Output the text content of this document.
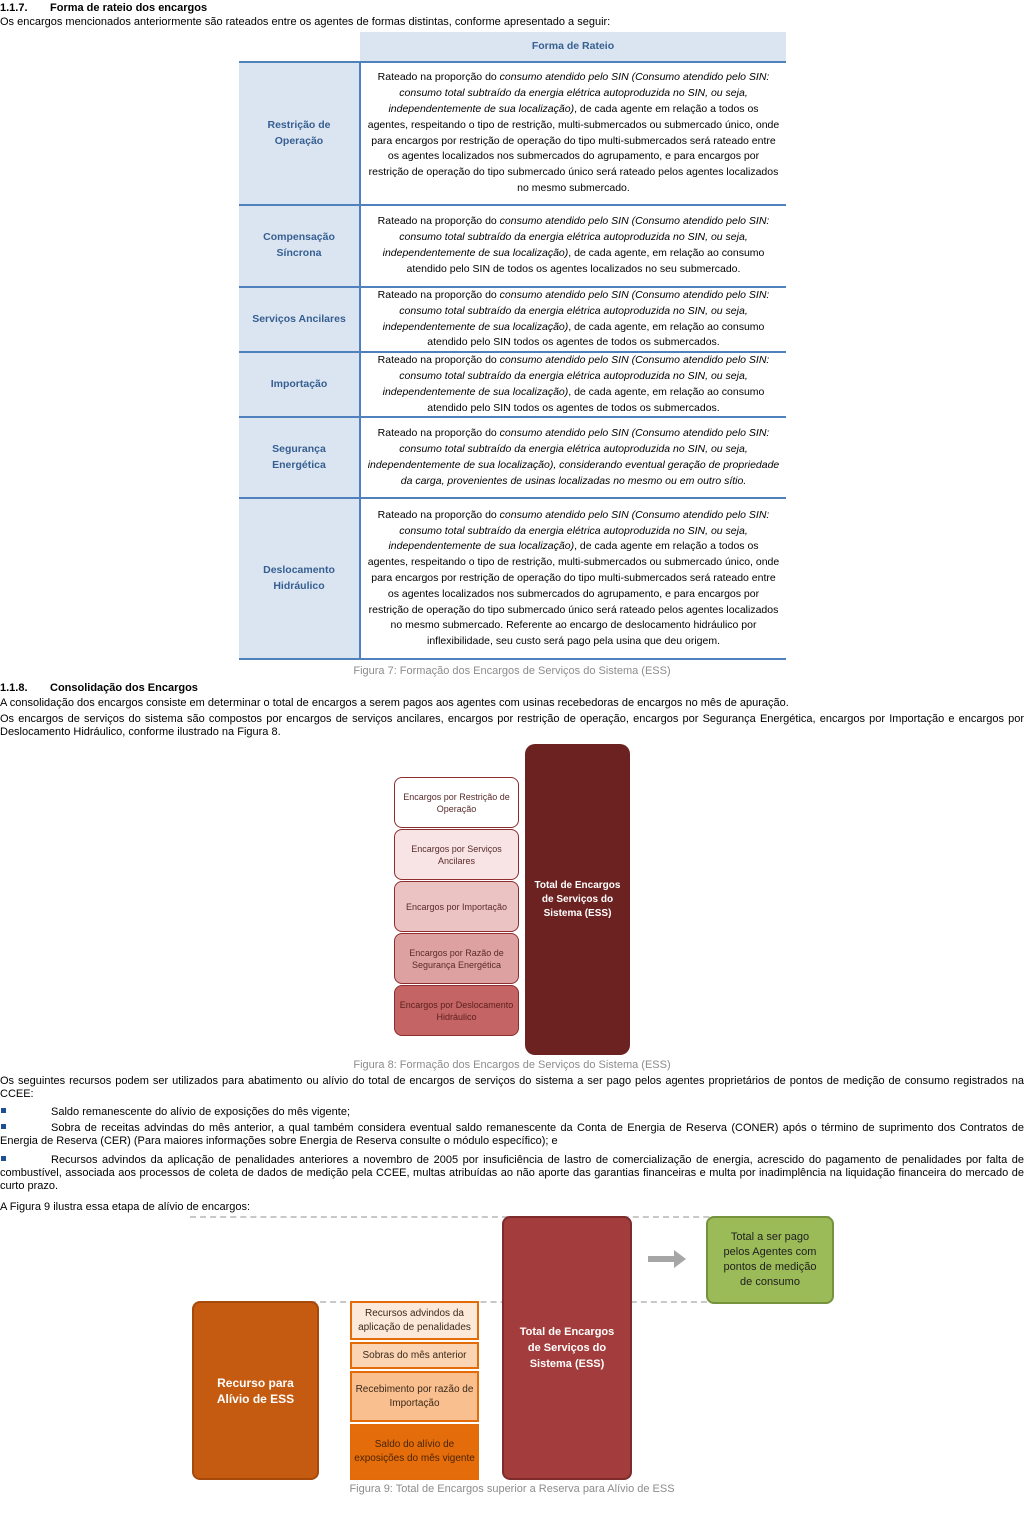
1.1.7. Forma de rateio dos encargos
Os encargos mencionados anteriormente são rateados entre os agentes de formas distintas, conforme apresentado a seguir:
	Forma de Rateio
Restrição de Operação	Rateado na proporção do consumo atendido pelo SIN (Consumo atendido pelo SIN: consumo total subtraído da energia elétrica autoproduzida no SIN, ou seja, independentemente de sua localização), de cada agente em relação a todos os agentes, respeitando o tipo de restrição, multi-submercados ou submercado único, onde para encargos por restrição de operação do tipo multi-submercados será rateado entre os agentes localizados nos submercados do agrupamento, e para encargos por restrição de operação do tipo submercado único será rateado pelos agentes localizados no mesmo submercado.
Compensação Síncrona	Rateado na proporção do consumo atendido pelo SIN (Consumo atendido pelo SIN: consumo total subtraído da energia elétrica autoproduzida no SIN, ou seja, independentemente de sua localização), de cada agente, em relação ao consumo atendido pelo SIN de todos os agentes localizados no seu submercado.
Serviços Ancilares	Rateado na proporção do consumo atendido pelo SIN (Consumo atendido pelo SIN: consumo total subtraído da energia elétrica autoproduzida no SIN, ou seja, independentemente de sua localização), de cada agente, em relação ao consumo atendido pelo SIN todos os agentes de todos os submercados.
Importação	Rateado na proporção do consumo atendido pelo SIN (Consumo atendido pelo SIN: consumo total subtraído da energia elétrica autoproduzida no SIN, ou seja, independentemente de sua localização), de cada agente, em relação ao consumo atendido pelo SIN todos os agentes de todos os submercados.
Segurança Energética	Rateado na proporção do consumo atendido pelo SIN (Consumo atendido pelo SIN: consumo total subtraído da energia elétrica autoproduzida no SIN, ou seja, independentemente de sua localização), considerando eventual geração de propriedade da carga, provenientes de usinas localizadas no mesmo ou em outro sítio.
Deslocamento Hidráulico	Rateado na proporção do consumo atendido pelo SIN (Consumo atendido pelo SIN: consumo total subtraído da energia elétrica autoproduzida no SIN, ou seja, independentemente de sua localização), de cada agente em relação a todos os agentes, respeitando o tipo de restrição, multi-submercados ou submercado único, onde para encargos por restrição de operação do tipo multi-submercados será rateado entre os agentes localizados nos submercados do agrupamento, e para encargos por restrição de operação do tipo submercado único será rateado pelos agentes localizados no mesmo submercado. Referente ao encargo de deslocamento hidráulico por inflexibilidade, seu custo será pago pela usina que deu origem.
Figura 7: Formação dos Encargos de Serviços do Sistema (ESS)
1.1.8. Consolidação dos Encargos
A consolidação dos encargos consiste em determinar o total de encargos a serem pagos aos agentes com usinas recebedoras de encargos no mês de apuração.
Os encargos de serviços do sistema são compostos por encargos de serviços ancilares, encargos por restrição de operação, encargos por Segurança Energética, encargos por Importação e encargos por Deslocamento Hidráulico, conforme ilustrado na Figura 8.
Encargos por Restrição de Operação
Encargos por Serviços Ancilares
Encargos por Importação
Encargos por Razão de Segurança Energética
Encargos por Deslocamento Hidráulico
Total de Encargos de Serviços do Sistema (ESS)
Figura 8: Formação dos Encargos de Serviços do Sistema (ESS)
Os seguintes recursos podem ser utilizados para abatimento ou alívio do total de encargos de serviços do sistema a ser pago pelos agentes proprietários de pontos de medição de consumo registrados na CCEE:
Saldo remanescente do alívio de exposições do mês vigente;
Sobra de receitas advindas do mês anterior, a qual também considera eventual saldo remanescente da Conta de Energia de Reserva (CONER) após o término de suprimento dos Contratos de Energia de Reserva (CER) (Para maiores informações sobre Energia de Reserva consulte o módulo específico); e
Recursos advindos da aplicação de penalidades anteriores a novembro de 2005 por insuficiência de lastro de comercialização de energia, acrescido do pagamento de penalidades por falta de combustível, associada aos processos de coleta de dados de medição pela CCEE, multas atribuídas ao não aporte das garantias financeiras e multa por inadimplência na liquidação financeira do mercado de curto prazo.
A Figura 9 ilustra essa etapa de alívio de encargos:
Recurso para Alívio de ESS
Recursos advindos da aplicação de penalidades
Sobras do mês anterior
Recebimento por razão de Importação
Saldo do alívio de exposições do mês vigente
Total de Encargos de Serviços do Sistema (ESS)
Total a ser pago pelos Agentes com pontos de medição de consumo
Figura 9: Total de Encargos superior a Reserva para Alívio de ESS
